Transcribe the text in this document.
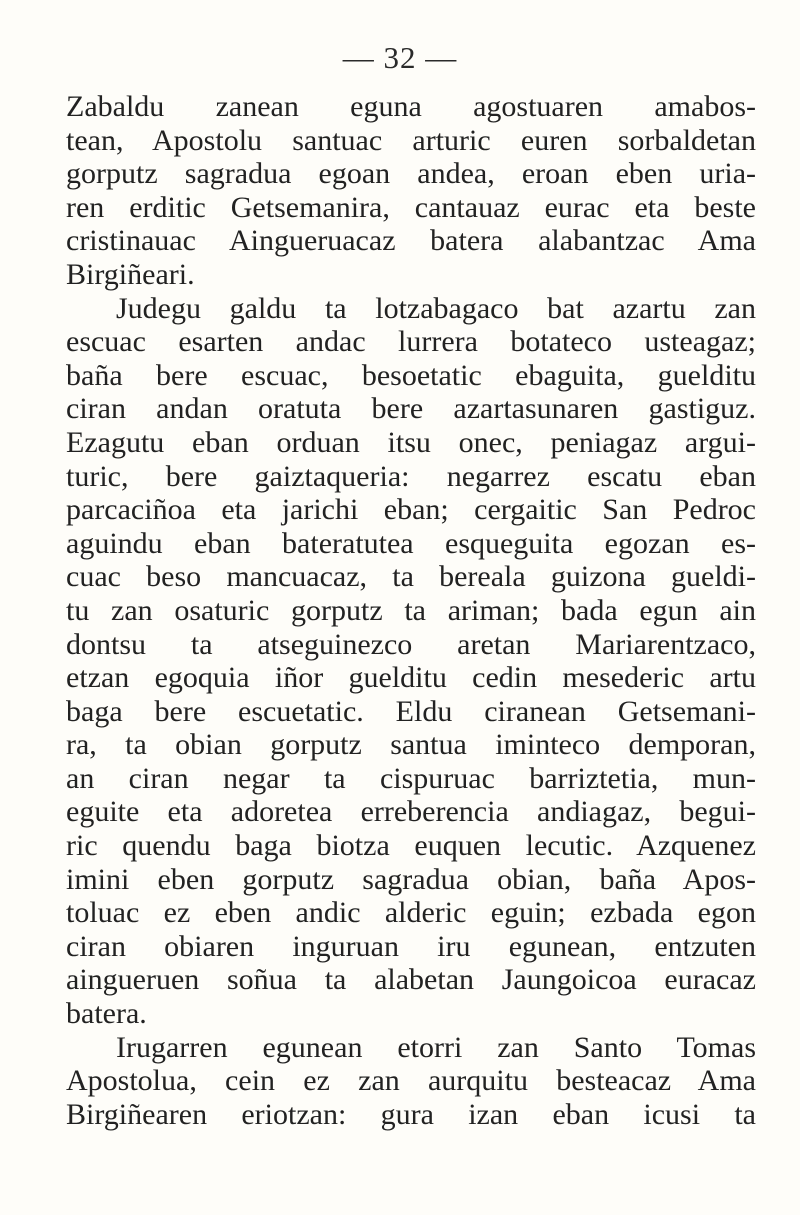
— 32 —
Zabaldu zanean eguna agostuaren amabos-
tean, Apostolu santuac arturic euren sorbaldetan
gorputz sagradua egoan andea, eroan eben uria-
ren erditic Getsemanira, cantauaz eurac eta beste
cristinauac Aingueruacaz batera alabantzac Ama
Birgiñeari.
Judegu galdu ta lotzabagaco bat azartu zan
escuac esarten andac lurrera botateco usteagaz;
baña bere escuac, besoetatic ebaguita, guelditu
ciran andan oratuta bere azartasunaren gastiguz.
Ezagutu eban orduan itsu onec, peniagaz argui-
turic, bere gaiztaqueria: negarrez escatu eban
parcaciñoa eta jarichi eban; cergaitic San Pedroc
aguindu eban bateratutea esqueguita egozan es-
cuac beso mancuacaz, ta bereala guizona gueldi-
tu zan osaturic gorputz ta ariman; bada egun ain
dontsu ta atseguinezco aretan Mariarentzaco,
etzan egoquia iñor guelditu cedin mesederic artu
baga bere escuetatic. Eldu ciranean Getsemani-
ra, ta obian gorputz santua iminteco demporan,
an ciran negar ta cispuruac barriztetia, mun-
eguite eta adoretea erreberencia andiagaz, begui-
ric quendu baga biotza euquen lecutic. Azquenez
imini eben gorputz sagradua obian, baña Apos-
toluac ez eben andic alderic eguin; ezbada egon
ciran obiaren inguruan iru egunean, entzuten
aingueruen soñua ta alabetan Jaungoicoa euracaz
batera.
Irugarren egunean etorri zan Santo Tomas
Apostolua, cein ez zan aurquitu besteacaz Ama
Birgiñearen eriotzan: gura izan eban icusi ta
